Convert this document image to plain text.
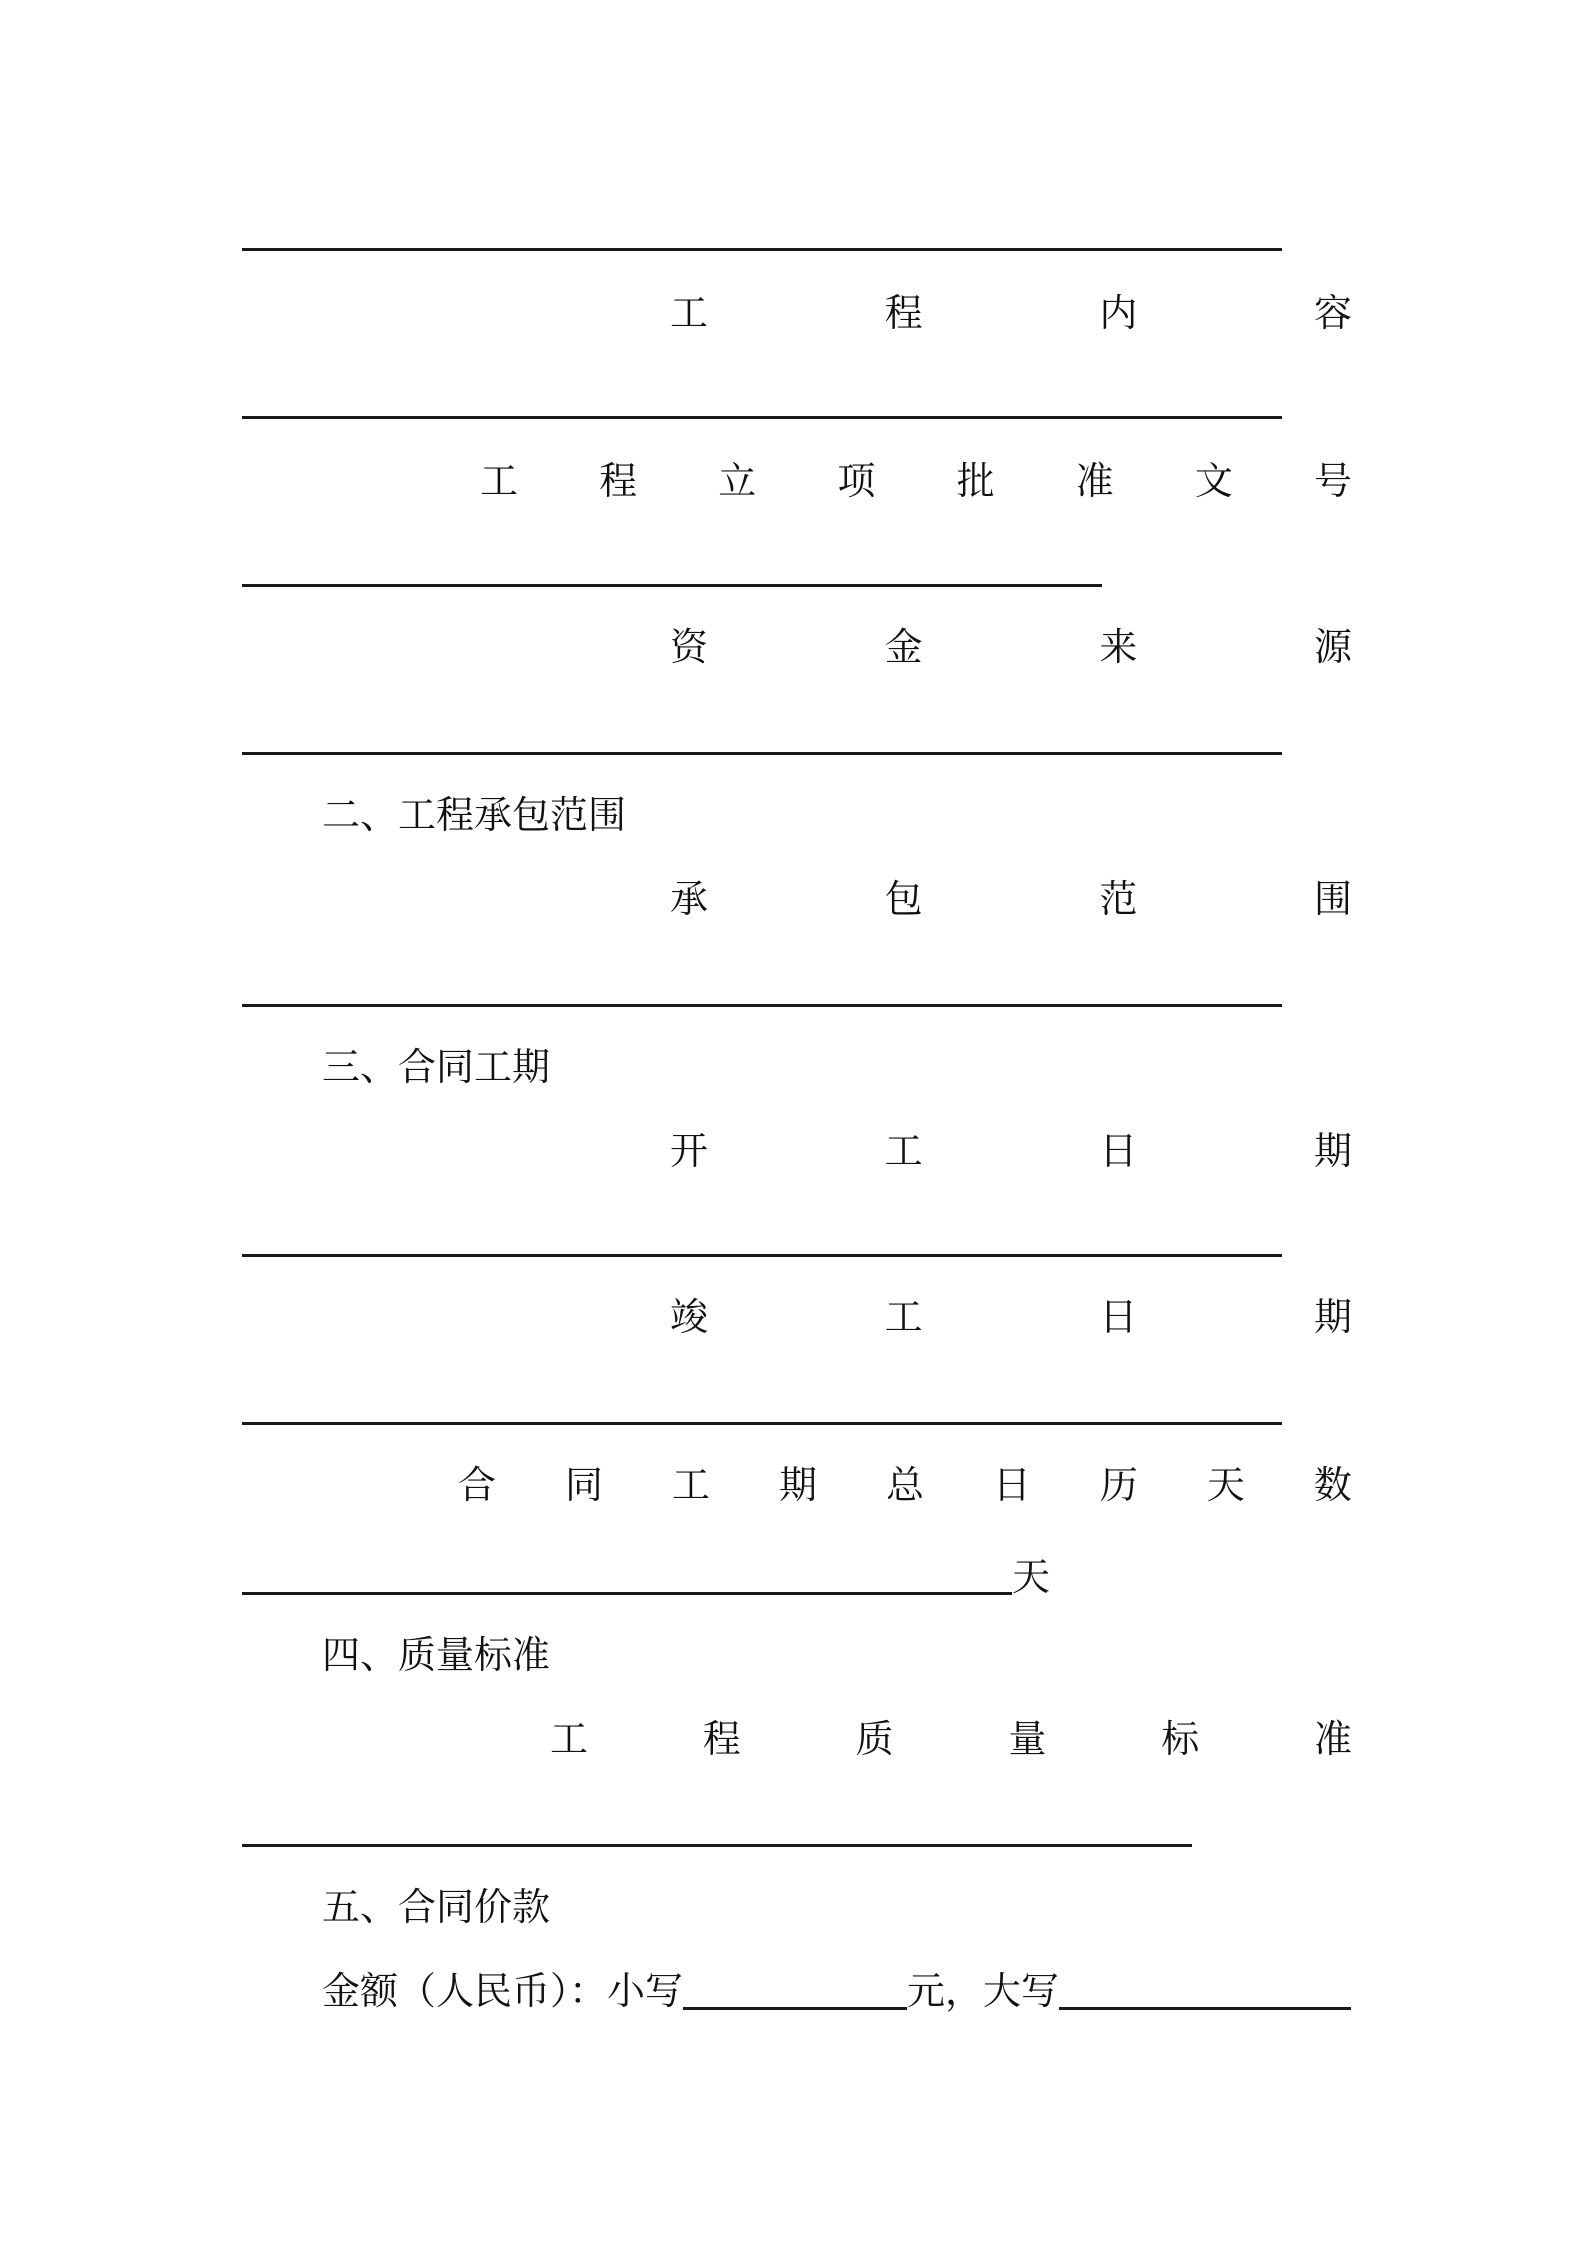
工	程	内	容
工 程 立 项 批 准 文 号
资	金	来	源
二、工程承包范围
承	包	范	围
三、合同工期
开	工	日	期
竣	工	日	期
合 同 工 期 总 日 历 天 数
天
四、质量标准
工	程	质	量	标	准
五、合同价款
金额（人民币）：小写	元，大写
